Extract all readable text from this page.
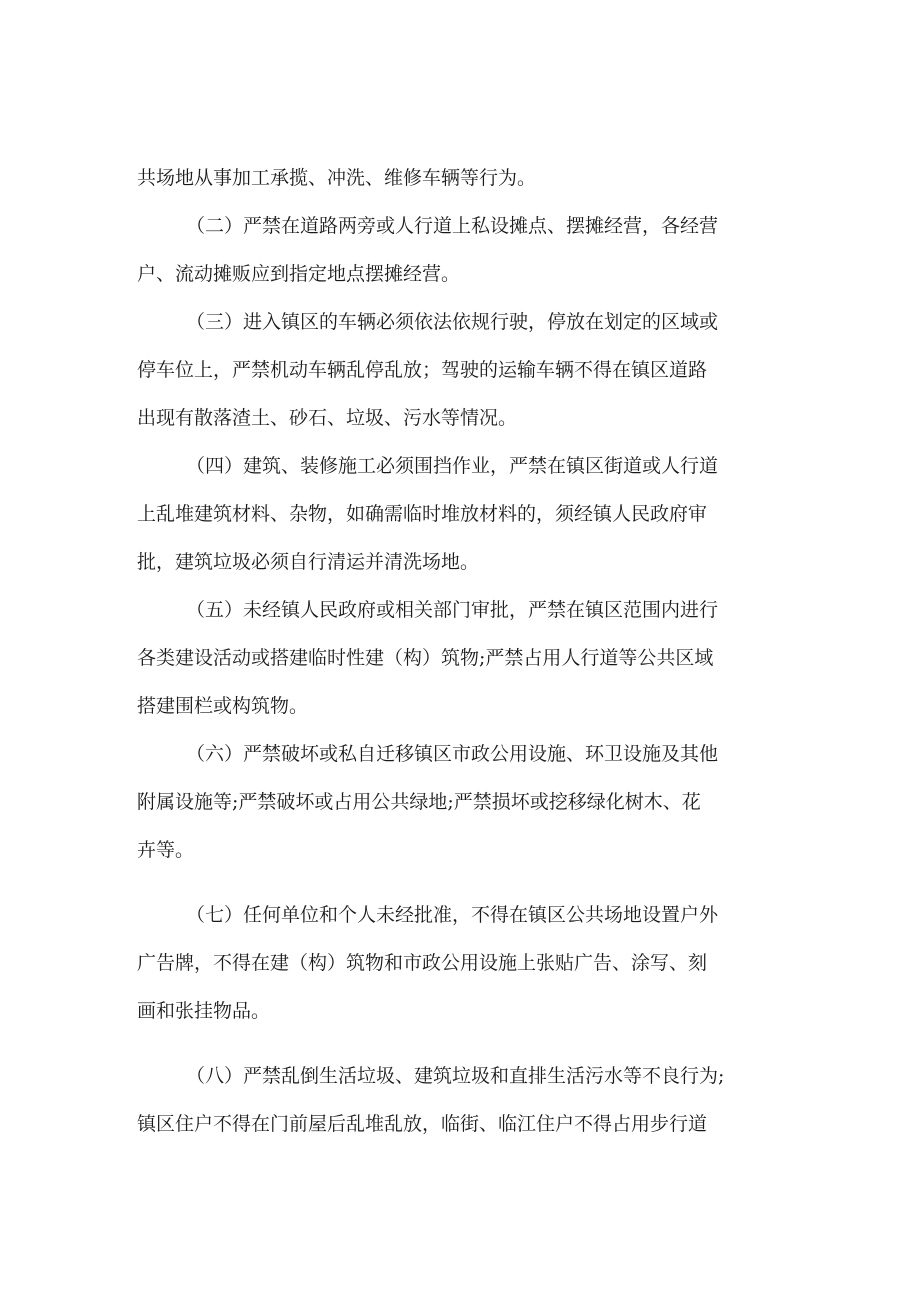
共场地从事加工承揽、冲洗、维修车辆等行为。

（二）严禁在道路两旁或人行道上私设摊点、摆摊经营，各经营

户、流动摊贩应到指定地点摆摊经营。

（三）进入镇区的车辆必须依法依规行驶，停放在划定的区域或

停车位上，严禁机动车辆乱停乱放；驾驶的运输车辆不得在镇区道路

出现有散落渣土、砂石、垃圾、污水等情况。

（四）建筑、装修施工必须围挡作业，严禁在镇区街道或人行道

上乱堆建筑材料、杂物，如确需临时堆放材料的，须经镇人民政府审

批，建筑垃圾必须自行清运并清洗场地。

（五）未经镇人民政府或相关部门审批，严禁在镇区范围内进行

各类建设活动或搭建临时性建（构）筑物;严禁占用人行道等公共区域

搭建围栏或构筑物。

（六）严禁破坏或私自迁移镇区市政公用设施、环卫设施及其他

附属设施等;严禁破坏或占用公共绿地;严禁损坏或挖移绿化树木、花

卉等。

（七）任何单位和个人未经批准，不得在镇区公共场地设置户外

广告牌，不得在建（构）筑物和市政公用设施上张贴广告、涂写、刻

画和张挂物品。

（八）严禁乱倒生活垃圾、建筑垃圾和直排生活污水等不良行为;

镇区住户不得在门前屋后乱堆乱放，临街、临江住户不得占用步行道
